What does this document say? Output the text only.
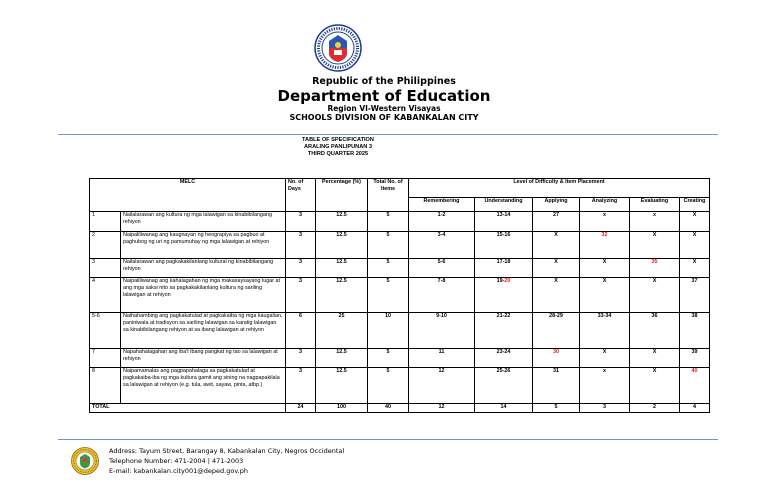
Republic of the Philippines
Department of Education
Region VI-Western Visayas
SCHOOLS DIVISION OF KABANKALAN CITY
TABLE OF SPECIFICATION
ARALING PANLIPUNAN 3
THIRD QUARTER 2025
MELC		No. of Days	Percentage (%)	Total No. of Items	Level of Difficulty & Item Placement					
					Remembering	Understanding	Applying	Analyzing	Evaluating	Creating
1	Nailalarawan ang kultura ng mga lalawigan sa kinabibilangang rehiyon	3	12.5	5	1-2	13-14	27	x	x	X
2	Naipaliliwanag ang kaugnayan ng heograpiya sa pagbuo at paghubog ng uri ng pamumuhay ng mga lalawigan at rehiyon	3	12.5	5	3-4	15-16	X	32	X	X
3	Nailalarawan ang pagkakakilanlang kultural ng kinabibilangang rehiyon	3	12.5	5	5-6	17-18	X	X	35	X
4	Naipaliliwanag ang kahalagahan ng mga makasaysayang lugar at ang mga saksi nito sa pagkakakilanlang kultura ng sariling lalawigan at rehiyon	3	12.5	5	7-8	19-20	X	X	X	37
5-6	Naihahambing ang pagkakatulad at pagkakaiba ng mga kaugalian, paniniwala at tradisyon sa sariling lalawigan sa karatig lalawigan sa kinabibilangang rehiyon at sa ibang lalawigan at rehiyon	6	25	10	9-10	21-22	28-29	33-34	36	38
7	Napahahalagahan ang iba't ibang pangkat ng tao sa lalawigan at rehiyon	3	12.5	5	11	23-24	30	X	X	39
8	Naipamamalas ang pagpapahalaga sa pagkakatulad at pagkakaiba-iba ng mga kultura gamit ang sining na nagpapakilala sa lalawigan at rehiyon (e.g. tula, awit, sayaw, pinta, atbp.)	3	12.5	5	12	25-26	31	x	X	40
TOTAL		24	100	40	12	14	5	3	2	4
Address: Tayum Street, Barangay 8, Kabankalan City, Negros Occidental
Telephone Number: 471-2004 | 471-2003
E-mail: kabankalan.city001@deped.gov.ph
